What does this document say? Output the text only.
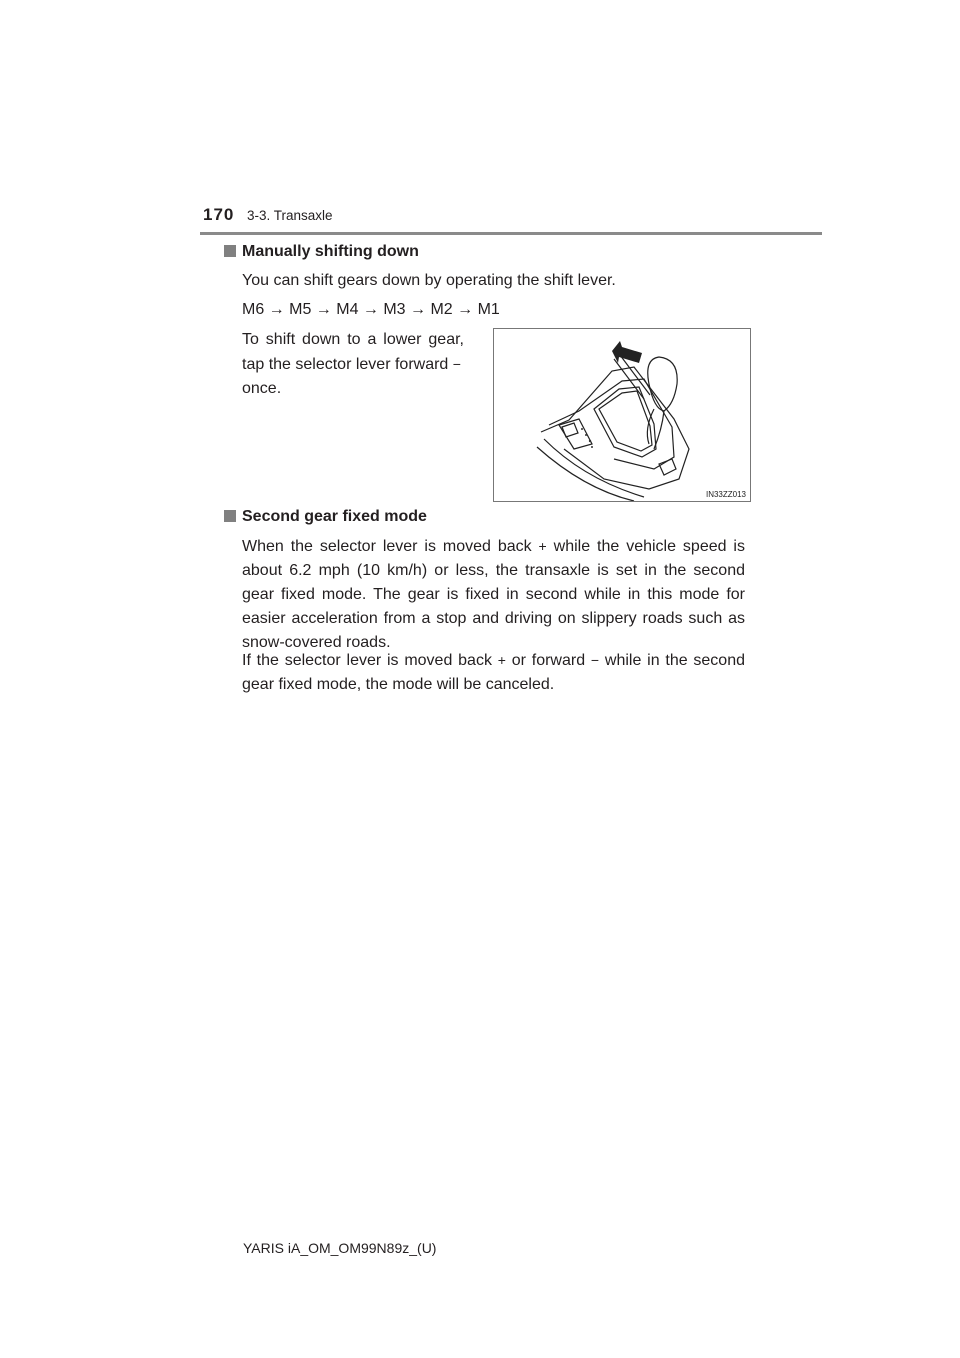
170 3-3. Transaxle
Manually shifting down
You can shift gears down by operating the shift lever.
M6 → M5 → M4 → M3 → M2 → M1
To shift down to a lower gear, tap the selector lever forward −
once.
IN33ZZ013
Second gear fixed mode
When the selector lever is moved back + while the vehicle speed is about 6.2 mph (10 km/h) or less, the transaxle is set in the second gear fixed mode. The gear is fixed in second while in this mode for easier acceleration from a stop and driving on slippery roads such as snow-covered roads.
If the selector lever is moved back + or forward − while in the second gear fixed mode, the mode will be canceled.
YARIS iA_OM_OM99N89z_(U)
